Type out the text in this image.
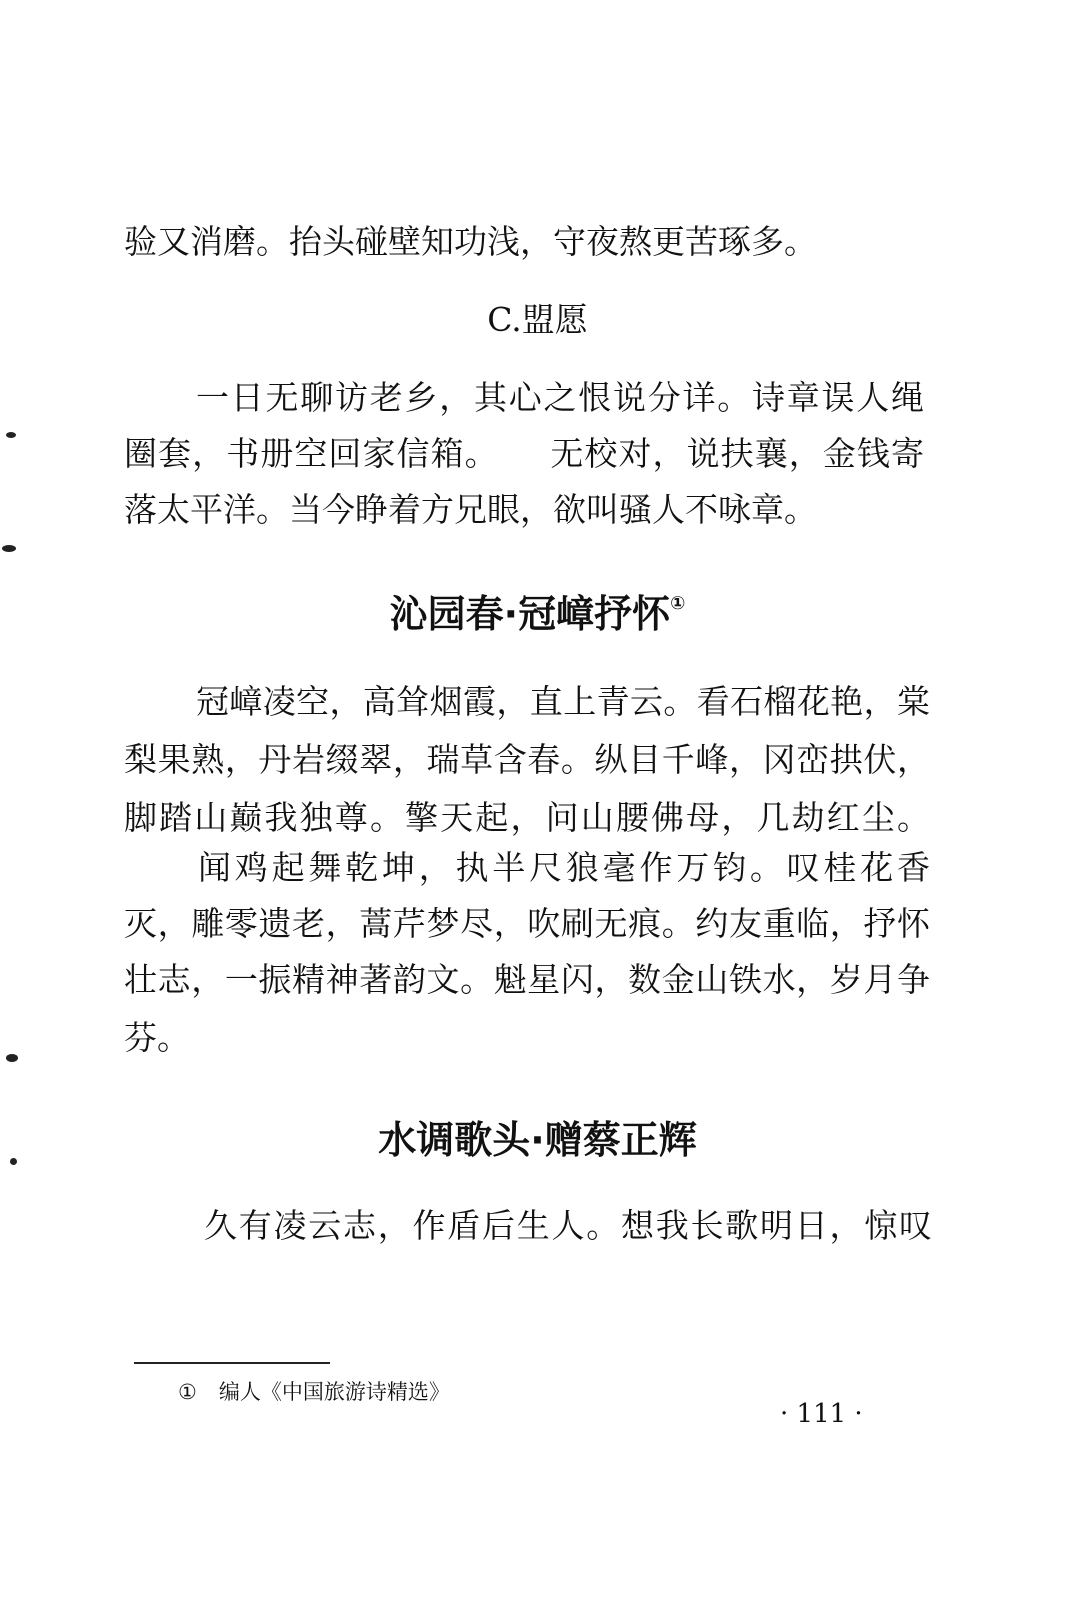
验又消磨。抬头碰壁知功浅，守夜熬更苦琢多。
C.盟愿
一日无聊访老乡，其心之恨说分详。诗章误人绳
圈套，书册空回家信箱。　　无校对，说扶襄，金钱寄
落太平洋。当今睁着方兄眼，欲叫骚人不咏章。
沁园春·冠嶂抒怀①
冠嶂凌空，高耸烟霞，直上青云。看石榴花艳，棠
梨果熟，丹岩缀翠，瑞草含春。纵目千峰，冈峦拱伏，
脚踏山巅我独尊。擎天起，问山腰佛母，几劫红尘。
闻鸡起舞乾坤，执半尺狼毫作万钧。叹桂花香
灭，雕零遗老，蒿芹梦尽，吹刷无痕。约友重临，抒怀
壮志，一振精神著韵文。魁星闪，数金山铁水，岁月争
芬。
水调歌头·赠蔡正辉
久有凌云志，作盾后生人。想我长歌明日，惊叹
① 编人《中国旅游诗精选》
· 111 ·
